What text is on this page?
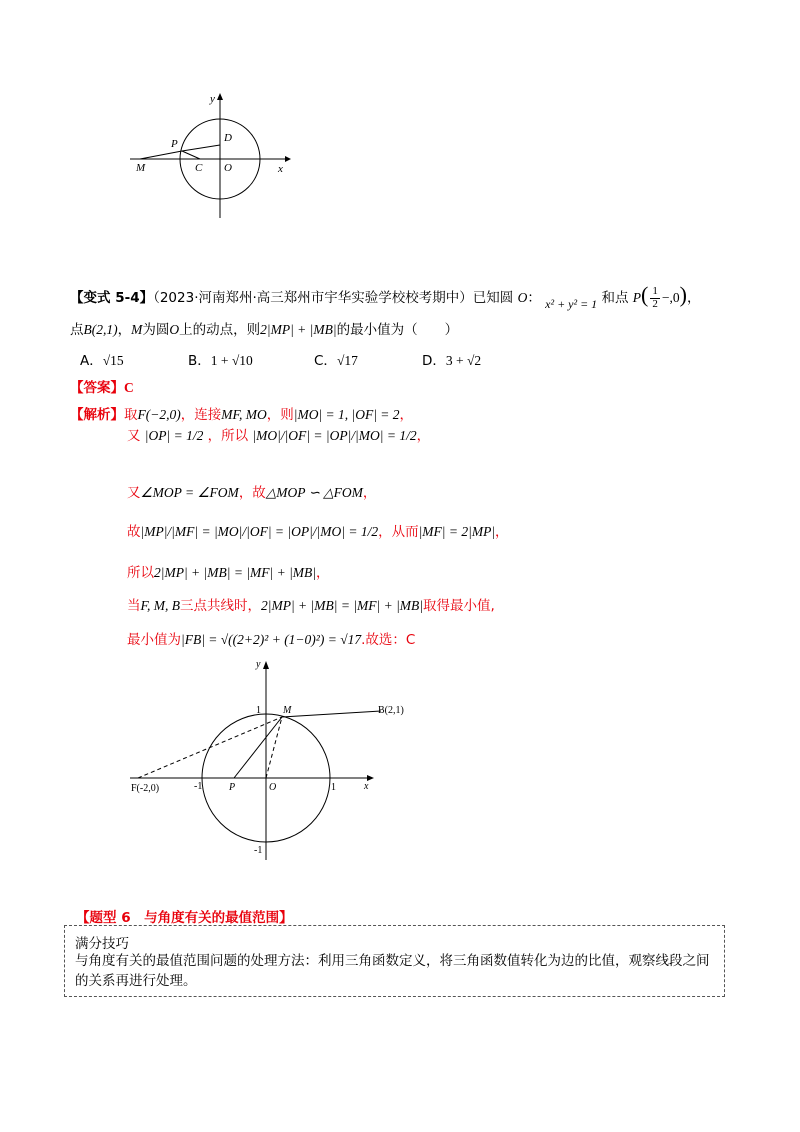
y
P	D
M	C O	x
【变式 5-4】（2023·河南郑州·高三郑州市宇华实验学校校考期中）已知圆 O： x² + y² = 1 和点 $P( \frac{1}{2} -,0)$，
点B(2,1)，M为圆O上的动点，则2|MP| + |MB|的最小值为（　　）
A．√15	B．1 + √10	C．√17	D．3 + √2
【答案】C
【解析】取F(−2,0)，连接MF, MO，则|MO| = 1, |OF| = 2，
又 |OP| = 1/2 ，所以 |MO|/|OF| = |OP|/|MO| = 1/2，
又∠MOP = ∠FOM，故△MOP ∽ △FOM，
故|MP|/|MF| = |MO|/|OF| = |OP|/|MO| = 1/2，从而|MF| = 2|MP|，
所以2|MP| + |MB| = |MF| + |MB|，
当F, M, B三点共线时，2|MP| + |MB| = |MF| + |MB|取得最小值,
最小值为|FB| = √((2+2)² + (1−0)²) = √17.故选：C
y
1 M	B(2,1)
F(-2,0)	-1	P	O	1	x
-1
【题型 6　与角度有关的最值范围】
满分技巧
与角度有关的最值范围问题的处理方法：利用三角函数定义，将三角函数值转化为边的比值，观察线段之间的关系再进行处理。
